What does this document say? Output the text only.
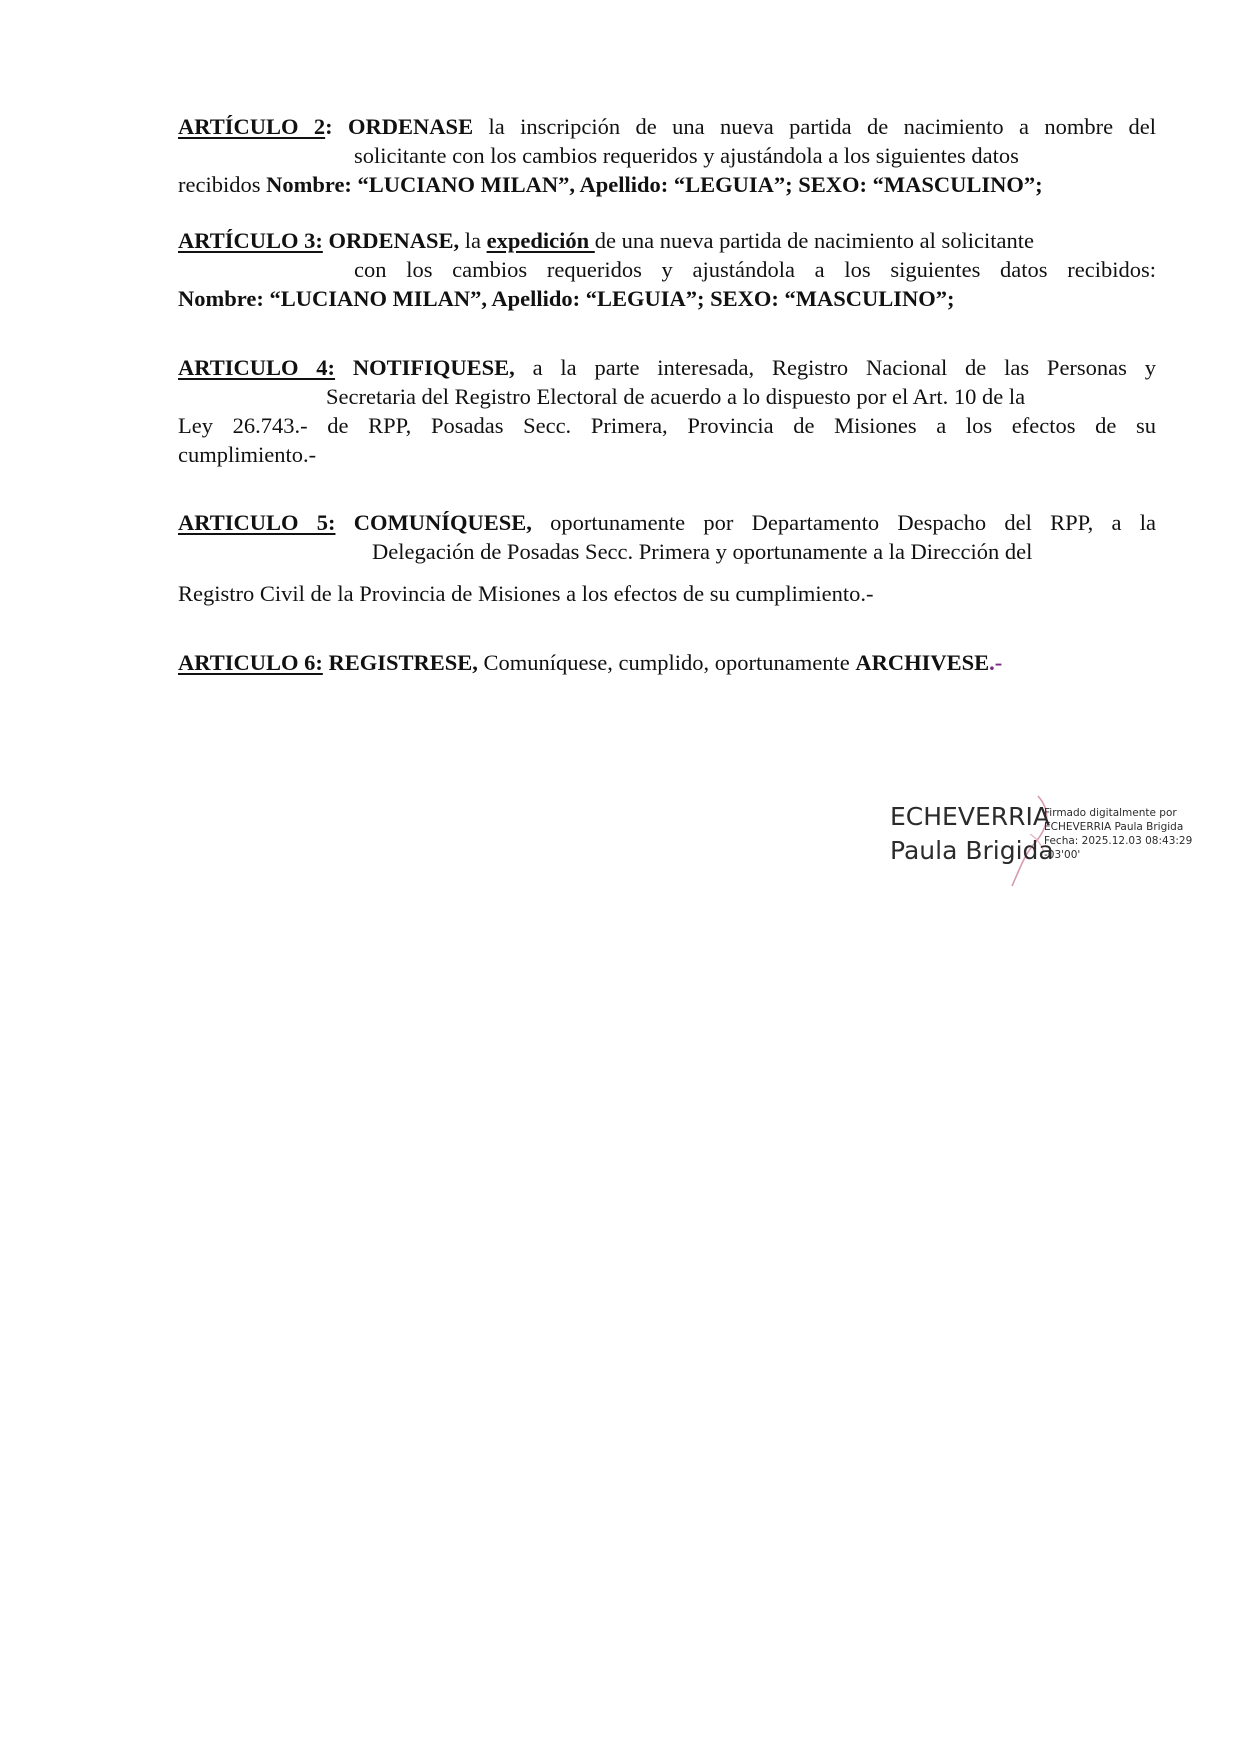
ARTÍCULO 2: ORDENASE la inscripción de una nueva partida de nacimiento a nombre del
solicitante con los cambios requeridos y ajustándola a los siguientes datos
recibidos Nombre: “LUCIANO MILAN”, Apellido: “LEGUIA”; SEXO: “MASCULINO”;
ARTÍCULO 3: ORDENASE, la expedición de una nueva partida de nacimiento al solicitante
con los cambios requeridos y ajustándola a los siguientes datos recibidos:
Nombre: “LUCIANO MILAN”, Apellido: “LEGUIA”; SEXO: “MASCULINO”;
ARTICULO 4: NOTIFIQUESE, a la parte interesada, Registro Nacional de las Personas y
Secretaria del Registro Electoral de acuerdo a lo dispuesto por el Art. 10 de la
Ley 26.743.- de RPP, Posadas Secc. Primera, Provincia de Misiones a los efectos de su
cumplimiento.-
ARTICULO 5: COMUNÍQUESE, oportunamente por Departamento Despacho del RPP, a la
Delegación de Posadas Secc. Primera y oportunamente a la Dirección del
Registro Civil de la Provincia de Misiones a los efectos de su cumplimiento.-
ARTICULO 6: REGISTRESE, Comuníquese, cumplido, oportunamente ARCHIVESE.-
ECHEVERRIA
Paula Brigida
Firmado digitalmente por
ECHEVERRIA Paula Brigida
Fecha: 2025.12.03 08:43:29
-03'00'
